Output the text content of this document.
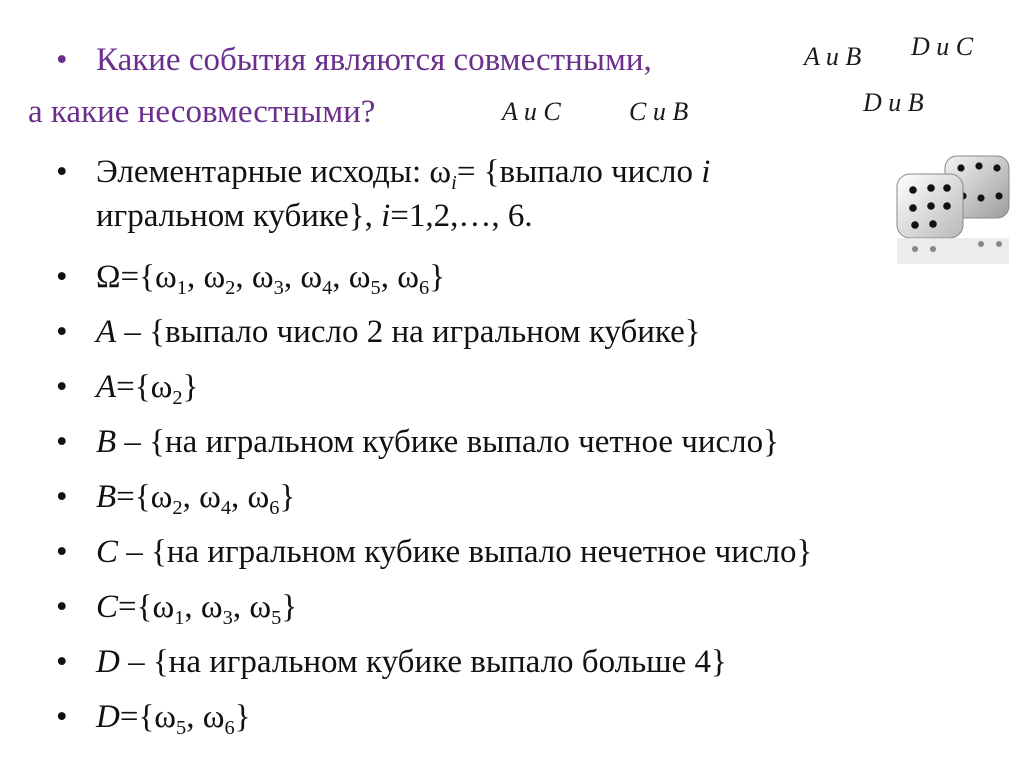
• Какие события являются совместными,
а какие несовместными?
A и B D и C
A и C	C и B	D и B
• Элементарные исходы: $\omega_i=$ {выпало число i
игральном кубике}, i=1,2,…, 6.
• $\Omega=\{\omega_1$, $\omega_2$, $\omega_3$, $\omega_4$, $\omega_5$, $\omega_6$}
• A – {выпало число 2 на игральном кубике}
• $A=\{\omega_2\}$
• B – {на игральном кубике выпало четное число}
• $B=\{\omega_2$, $\omega_4$, $\omega_6$}
• C – {на игральном кубике выпало нечетное число}
• $C=\{\omega_1$, $\omega_3$, $\omega_5$}
• D – {на игральном кубике выпало больше 4}
• $D=\{\omega_5$, $\omega_6$}
